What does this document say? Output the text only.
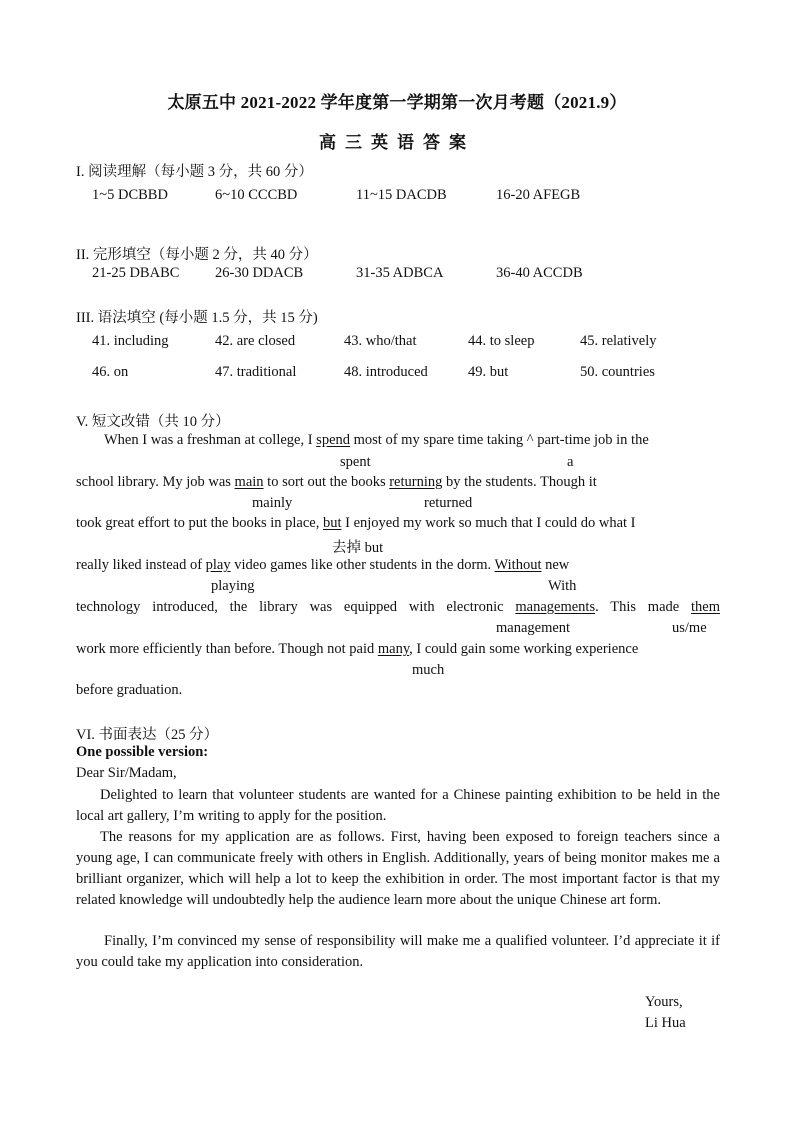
太原五中 2021-2022 学年度第一学期第一次月考题（2021.9）
高三英语答案
I. 阅读理解（每小题 3 分，共 60 分）
1~5 DCBBD	6~10 CCCBD	11~15 DACDB	16-20 AFEGB
II. 完形填空（每小题 2 分，共 40 分）
21-25 DBABC 26-30 DDACB	31-35 ADBCA	36-40 ACCDB
III. 语法填空 (每小题 1.5 分，共 15 分)
41. including	42. are closed	43. who/that	44. to sleep	45. relatively
46. on	47. traditional	48. introduced	49. but	50. countries
V. 短文改错（共 10 分）
When I was a freshman at college, I spend most of my spare time taking ^ part-time job in the
spent	a
school library. My job was main to sort out the books returning by the students. Though it
mainly	returned
took great effort to put the books in place, but I enjoyed my work so much that I could do what I
去掉 but
really liked instead of play video games like other students in the dorm. Without new
playing	With
technology introduced, the library was equipped with electronic managements. This made them
management	us/me
work more efficiently than before. Though not paid many, I could gain some working experience
much
before graduation.
VI. 书面表达（25 分）
One possible version:
Dear Sir/Madam,
Delighted to learn that volunteer students are wanted for a Chinese painting exhibition to be held in the local art gallery, I’m writing to apply for the position.
The reasons for my application are as follows. First, having been exposed to foreign teachers since a young age, I can communicate freely with others in English. Additionally, years of being monitor makes me a brilliant organizer, which will help a lot to keep the exhibition in order. The most important factor is that my related knowledge will undoubtedly help the audience learn more about the unique Chinese art form.
Finally, I’m convinced my sense of responsibility will make me a qualified volunteer. I’d appreciate it if you could take my application into consideration.
Yours,
Li Hua
